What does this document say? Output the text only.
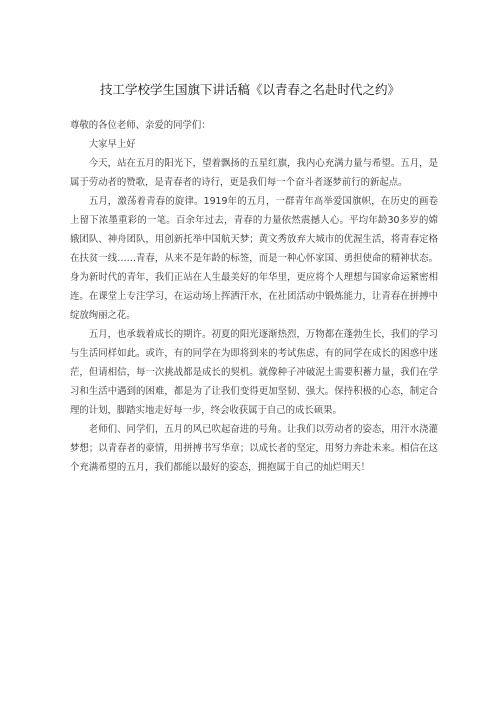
技工学校学生国旗下讲话稿《以青春之名赴时代之约》

尊敬的各位老师、亲爱的同学们：

大家早上好

今天，站在五月的阳光下，望着飘扬的五星红旗，我内心充满力量与希望。五月，是属于劳动者的赞歌，是青春者的诗行，更是我们每一个奋斗者逐梦前行的新起点。

五月，激荡着青春的旋律。1919年的五月，一群青年高举爱国旗帜，在历史的画卷上留下浓墨重彩的一笔。百余年过去，青春的力量依然震撼人心。平均年龄30多岁的嫦娥团队、神舟团队，用创新托举中国航天梦；黄文秀放弃大城市的优渥生活，将青春定格在扶贫一线……青春，从来不是年龄的标签，而是一种心怀家国、勇担使命的精神状态。身为新时代的青年，我们正站在人生最美好的年华里，更应将个人理想与国家命运紧密相连。在课堂上专注学习，在运动场上挥洒汗水，在社团活动中锻炼能力，让青春在拼搏中绽放绚丽之花。

五月，也承载着成长的期许。初夏的阳光逐渐热烈，万物都在蓬勃生长，我们的学习与生活同样如此。或许，有的同学在为即将到来的考试焦虑，有的同学在成长的困惑中迷茫，但请相信，每一次挑战都是成长的契机。就像种子冲破泥土需要积蓄力量，我们在学习和生活中遇到的困难，都是为了让我们变得更加坚韧、强大。保持积极的心态，制定合理的计划，脚踏实地走好每一步，终会收获属于自己的成长硕果。

老师们、同学们，五月的风已吹起奋进的号角。让我们以劳动者的姿态，用汗水浇灌梦想；以青春者的豪情，用拼搏书写华章；以成长者的坚定，用努力奔赴未来。相信在这个充满希望的五月，我们都能以最好的姿态，拥抱属于自己的灿烂明天！
